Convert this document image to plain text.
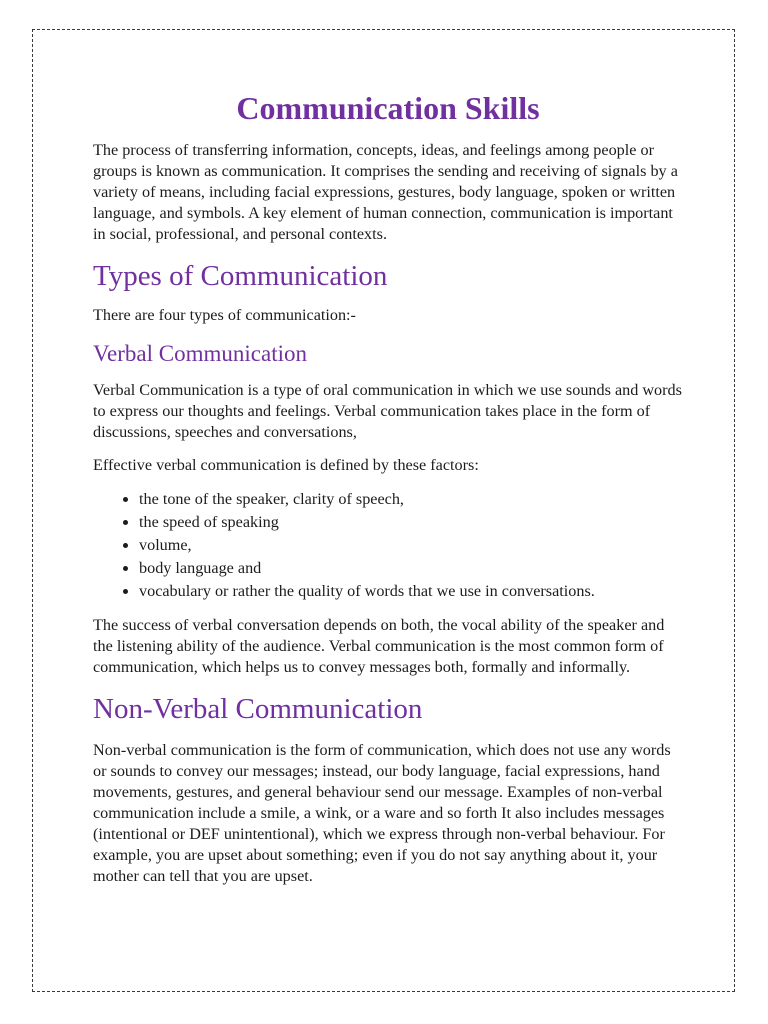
Communication Skills

The process of transferring information, concepts, ideas, and feelings among people or groups is known as communication. It comprises the sending and receiving of signals by a variety of means, including facial expressions, gestures, body language, spoken or written language, and symbols. A key element of human connection, communication is important in social, professional, and personal contexts.

Types of Communication

There are four types of communication:-

Verbal Communication

Verbal Communication is a type of oral communication in which we use sounds and words to express our thoughts and feelings. Verbal communication takes place in the form of discussions, speeches and conversations,

Effective verbal communication is defined by these factors:

• the tone of the speaker, clarity of speech,
• the speed of speaking
• volume,
• body language and
• vocabulary or rather the quality of words that we use in conversations.

The success of verbal conversation depends on both, the vocal ability of the speaker and the listening ability of the audience. Verbal communication is the most common form of communication, which helps us to convey messages both, formally and informally.

Non-Verbal Communication

Non-verbal communication is the form of communication, which does not use any words or sounds to convey our messages; instead, our body language, facial expressions, hand movements, gestures, and general behaviour send our message. Examples of non-verbal communication include a smile, a wink, or a ware and so forth It also includes messages (intentional or DEF unintentional), which we express through non-verbal behaviour. For example, you are upset about something; even if you do not say anything about it, your mother can tell that you are upset.
